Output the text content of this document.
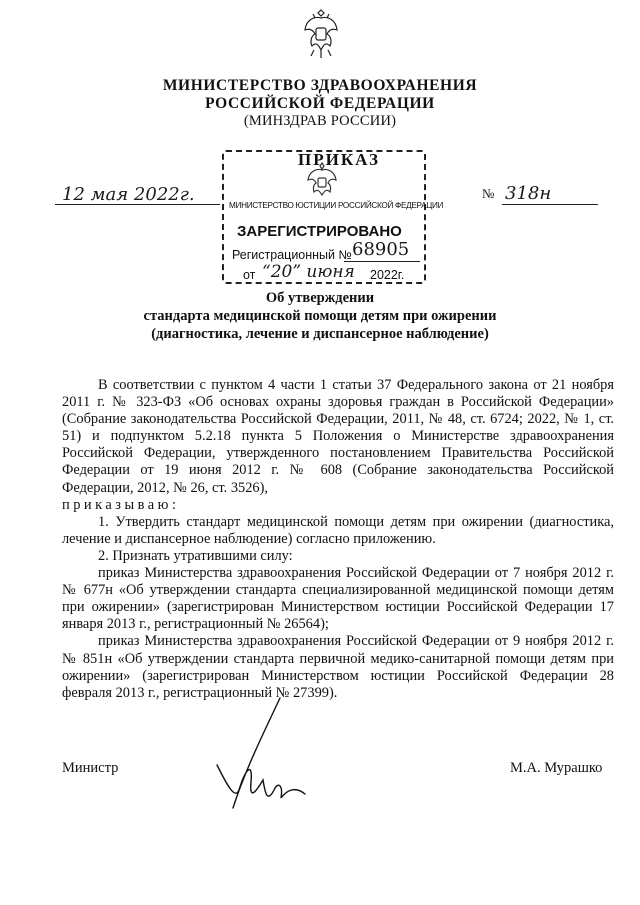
МИНИСТЕРСТВО ЗДРАВООХРАНЕНИЯ
РОССИЙСКОЙ ФЕДЕРАЦИИ
(МИНЗДРАВ РОССИИ)
12 мая 2022г.	№ 318н
ПРИКАЗ
МИНИСТЕРСТВО ЮСТИЦИИ РОССИЙСКОЙ ФЕДЕРАЦИИ
ЗАРЕГИСТРИРОВАНО
Регистрационный № 68905
от “20” июня 2022г.
Об утверждении
стандарта медицинской помощи детям при ожирении
(диагностика, лечение и диспансерное наблюдение)

В соответствии с пунктом 4 части 1 статьи 37 Федерального закона от 21 ноября 2011 г. № 323-ФЗ «Об основах охраны здоровья граждан в Российской Федерации» (Собрание законодательства Российской Федерации, 2011, № 48, ст. 6724; 2022, № 1, ст. 51) и подпунктом 5.2.18 пункта 5 Положения о Министерстве здравоохранения Российской Федерации, утвержденного постановлением Правительства Российской Федерации от 19 июня 2012 г. № 608 (Собрание законодательства Российской Федерации, 2012, № 26, ст. 3526),

приказываю:

1. Утвердить стандарт медицинской помощи детям при ожирении (диагностика, лечение и диспансерное наблюдение) согласно приложению.

2. Признать утратившими силу:

приказ Министерства здравоохранения Российской Федерации от 7 ноября 2012 г. № 677н «Об утверждении стандарта специализированной медицинской помощи детям при ожирении» (зарегистрирован Министерством юстиции Российской Федерации 17 января 2013 г., регистрационный № 26564);

приказ Министерства здравоохранения Российской Федерации от 9 ноября 2012 г. № 851н «Об утверждении стандарта первичной медико-санитарной помощи детям при ожирении» (зарегистрирован Министерством юстиции Российской Федерации 28 февраля 2013 г., регистрационный № 27399).

Министр	М.А. Мурашко
